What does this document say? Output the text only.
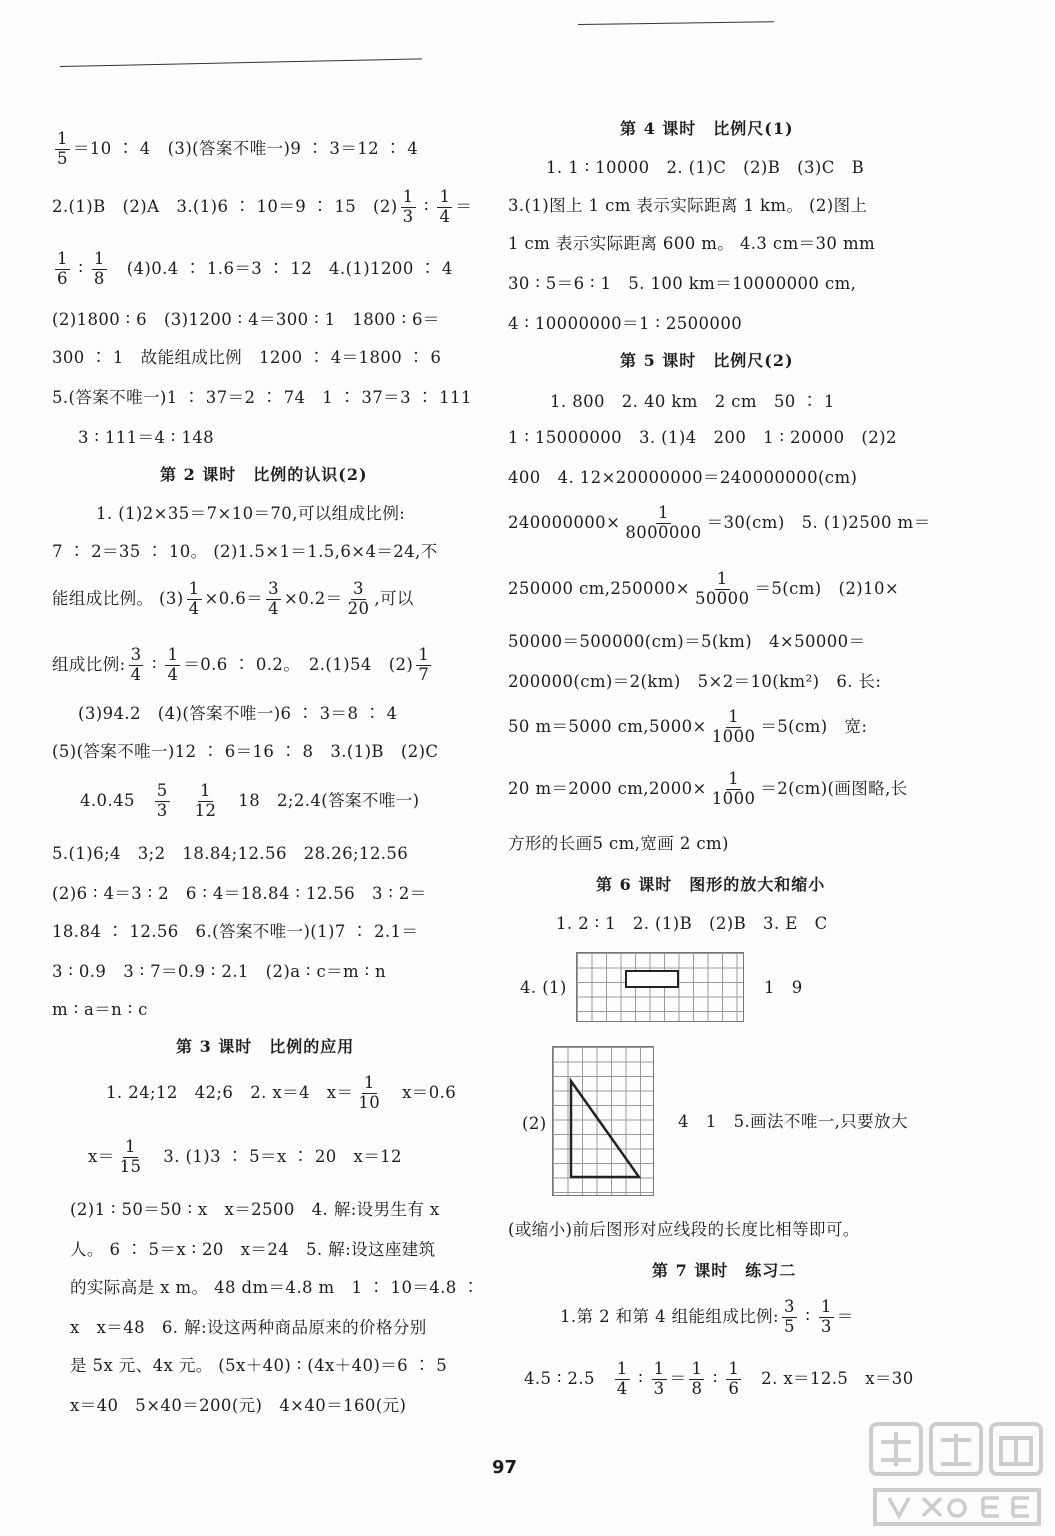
$\frac{1}{5} =10$ ∶ 4　(3)(答案不唯一)9 ∶ 3＝12 ∶ 4
2.(1)B　(2)A　3.(1)6 ∶ 10＝9 ∶ 15　$(2) \frac{1}{3}$ ∶ $\frac{1}{4}$ ＝
$\frac{1}{6}$ ∶ $\frac{1}{8}$ 　(4)0.4 ∶ 1.6＝3 ∶ 12　4.(1)1200 ∶ 4
(2)1800 ∶ 6　(3)1200 ∶ 4＝300 ∶ 1　1800 ∶ 6＝
300 ∶ 1　故能组成比例　1200 ∶ 4＝1800 ∶ 6
5.(答案不唯一)1 ∶ 37＝2 ∶ 74　1 ∶ 37＝3 ∶ 111
3 ∶ 111＝4 ∶ 148
第 2 课时　比例的认识(2)
1. (1)2×35＝7×10＝70,可以组成比例:
7 ∶ 2＝35 ∶ 10。 (2)1.5×1＝1.5,6×4＝24,不
能组成比例。 $(3) \frac{1}{4} \times 0.6= \frac{3}{4} \times 0.2= \frac{3}{20}$ ,可以
组成比例: $\frac{3}{4}$ ∶ $\frac{1}{4} =0.6$ ∶ 0.2。　2.(1)54　$(2) \frac{1}{7}$
(3)94.2　(4)(答案不唯一)6 ∶ 3＝8 ∶ 4
(5)(答案不唯一)12 ∶ 6＝16 ∶ 8　3.(1)B　(2)C
4.0.45　 $\frac{5}{3}$
　 $\frac{1}{12}$ 　18　2;2.4(答案不唯一)
5.(1)6;4　3;2　18.84;12.56　28.26;12.56
(2)6 ∶ 4＝3 ∶ 2　6 ∶ 4＝18.84 ∶ 12.56　3 ∶ 2＝
18.84 ∶ 12.56　6.(答案不唯一)(1)7 ∶ 2.1＝
3 ∶ 0.9　3 ∶ 7＝0.9 ∶ 2.1　(2)a ∶ c＝m ∶ n
m ∶ a＝n ∶ c
第 3 课时　比例的应用
1. 24;12　42;6　2. x＝4　$x= \frac{1}{10}$ 　x＝0.6
$x= \frac{1}{15}$ 　3. (1)3 ∶ 5＝x ∶ 20　x＝12
(2)1 ∶ 50＝50 ∶ x　x＝2500　4. 解:设男生有 x
人。 6 ∶ 5＝x ∶ 20　x＝24　5. 解:设这座建筑
的实际高是 x m。 48 dm＝4.8 m　1 ∶ 10＝4.8 ∶
x　x＝48　6. 解:设这两种商品原来的价格分别
是 5x 元、4x 元。 (5x＋40) ∶ (4x＋40)＝6 ∶ 5
x＝40　5×40＝200(元)　4×40＝160(元)
第 4 课时　比例尺(1)
1. 1 ∶ 10000　2. (1)C　(2)B　(3)C　B
3.(1)图上 1 cm 表示实际距离 1 km。 (2)图上
1 cm 表示实际距离 600 m。 4.3 cm＝30 mm
30 ∶ 5＝6 ∶ 1　5. 100 km＝10000000 cm,
4 ∶ 10000000＝1 ∶ 2500000
第 5 课时　比例尺(2)
1. 800　2. 40 km　2 cm　50 ∶ 1
1 ∶ 15000000　3. (1)4　200　1 ∶ 20000　(2)2
400　4. 12×20000000＝240000000(cm)
$240000000\times \frac{1}{8000000} =30(cm)$　5. (1)2500 m＝
250000 $cm,250000\times \frac{1}{50000} =5(cm)$　(2)10×
50000＝500000(cm)＝5(km)　4×50000＝
200000(cm)＝2(km)　5×2＝10(km²)　6. 长:
50 m＝5000 $cm,5000\times \frac{1}{1000} =5(cm)$　宽:
20 m＝2000 $cm,2000\times \frac{1}{1000} =2(cm)$(画图略,长
方形的长画5 cm,宽画 2 cm)
第 6 课时　图形的放大和缩小
1. 2 ∶ 1　2. (1)B　(2)B　3. E　C
4. (1)	1　9
(2)	4　1　5.画法不唯一,只要放大
(或缩小)前后图形对应线段的长度比相等即可。
第 7 课时　练习二
1.第 2 和第 4 组能组成比例: $\frac{3}{5}$ ∶ $\frac{1}{3}$ ＝
4.5 ∶ 2.5　 $\frac{1}{4}$ ∶ $\frac{1}{3} = \frac{1}{8}$ ∶ $\frac{1}{6}$ 　2. x＝12.5　x＝30
97
